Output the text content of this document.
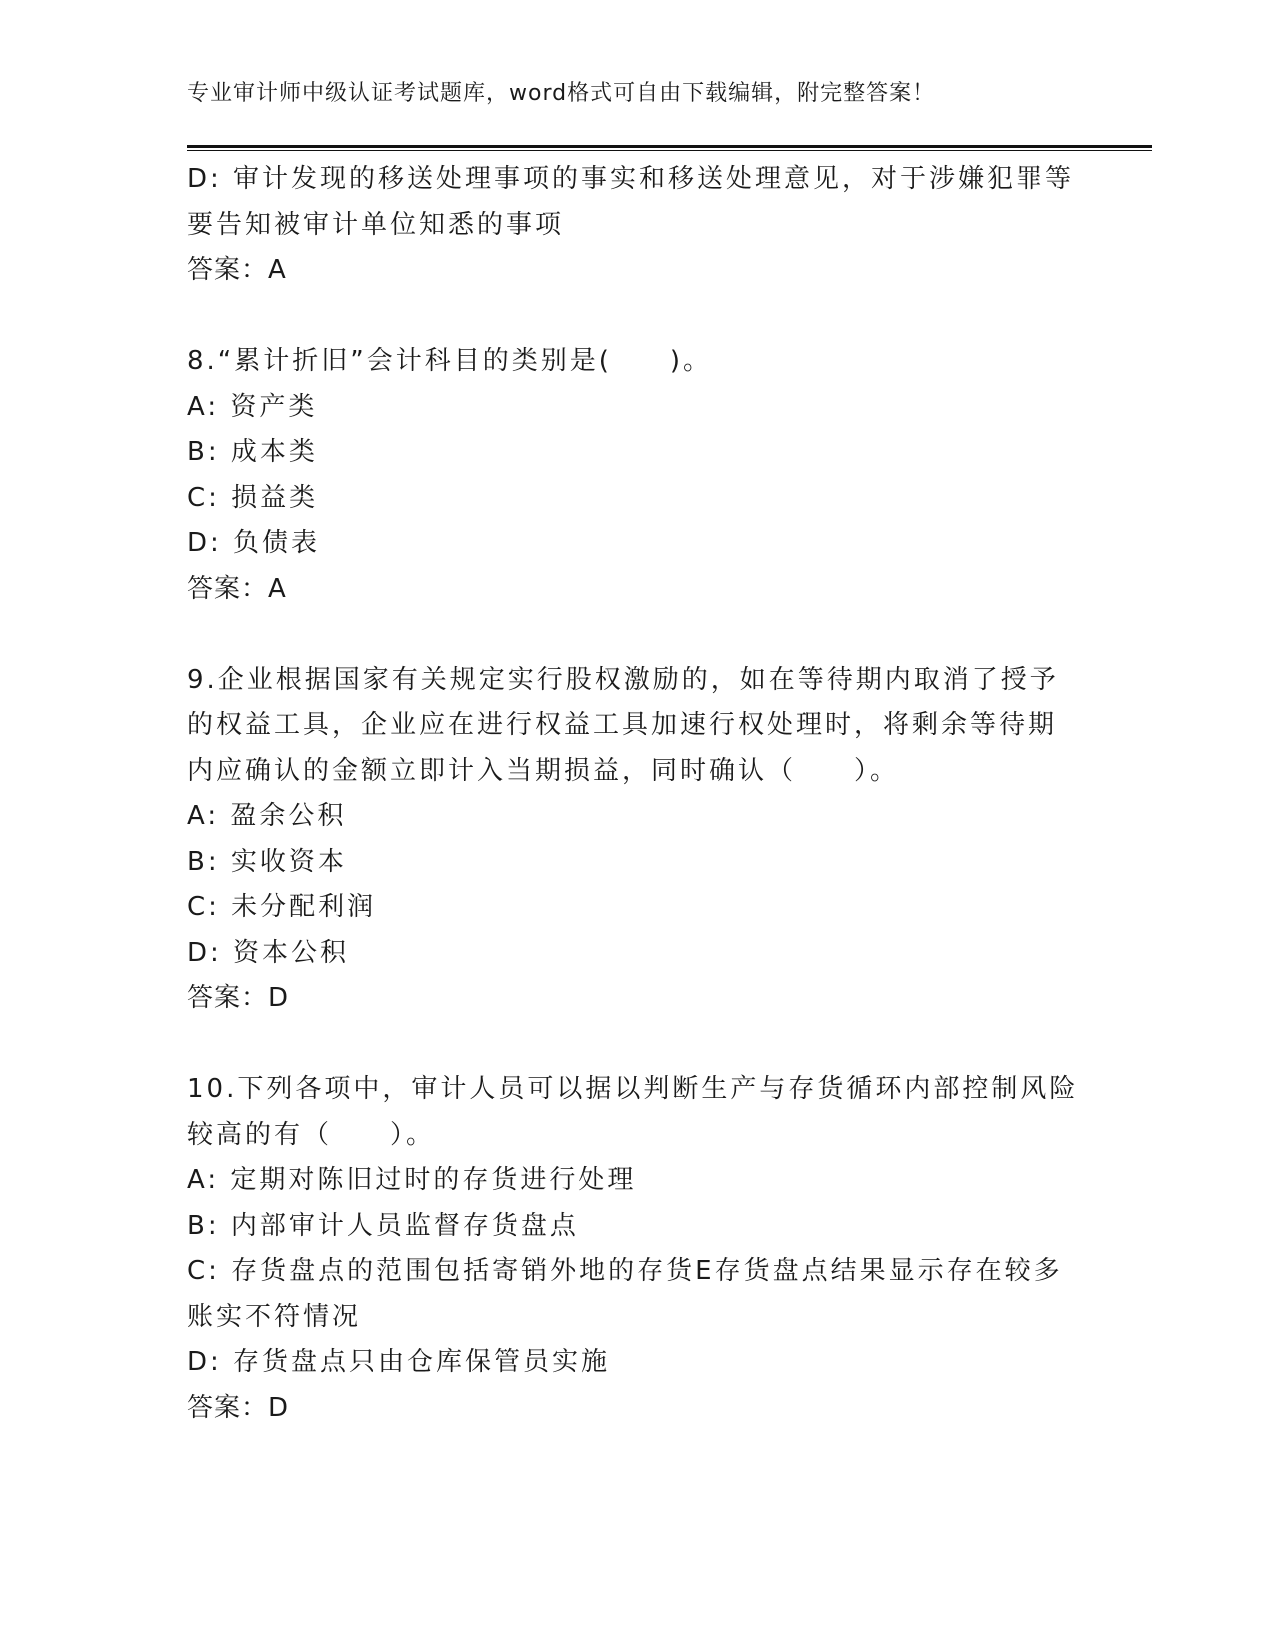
专业审计师中级认证考试题库，word格式可自由下载编辑，附完整答案！
D: 审计发现的移送处理事项的事实和移送处理意见，对于涉嫌犯罪等
要告知被审计单位知悉的事项
答案：A
8.“累计折旧”会计科目的类别是(　　)。
A: 资产类
B: 成本类
C: 损益类
D: 负债表
答案：A
9.企业根据国家有关规定实行股权激励的，如在等待期内取消了授予
的权益工具，企业应在进行权益工具加速行权处理时，将剩余等待期
内应确认的金额立即计入当期损益，同时确认（　　）。
A: 盈余公积
B: 实收资本
C: 未分配利润
D: 资本公积
答案：D
10.下列各项中，审计人员可以据以判断生产与存货循环内部控制风险
较高的有（　　）。
A: 定期对陈旧过时的存货进行处理
B: 内部审计人员监督存货盘点
C: 存货盘点的范围包括寄销外地的存货E存货盘点结果显示存在较多
账实不符情况
D: 存货盘点只由仓库保管员实施
答案：D
